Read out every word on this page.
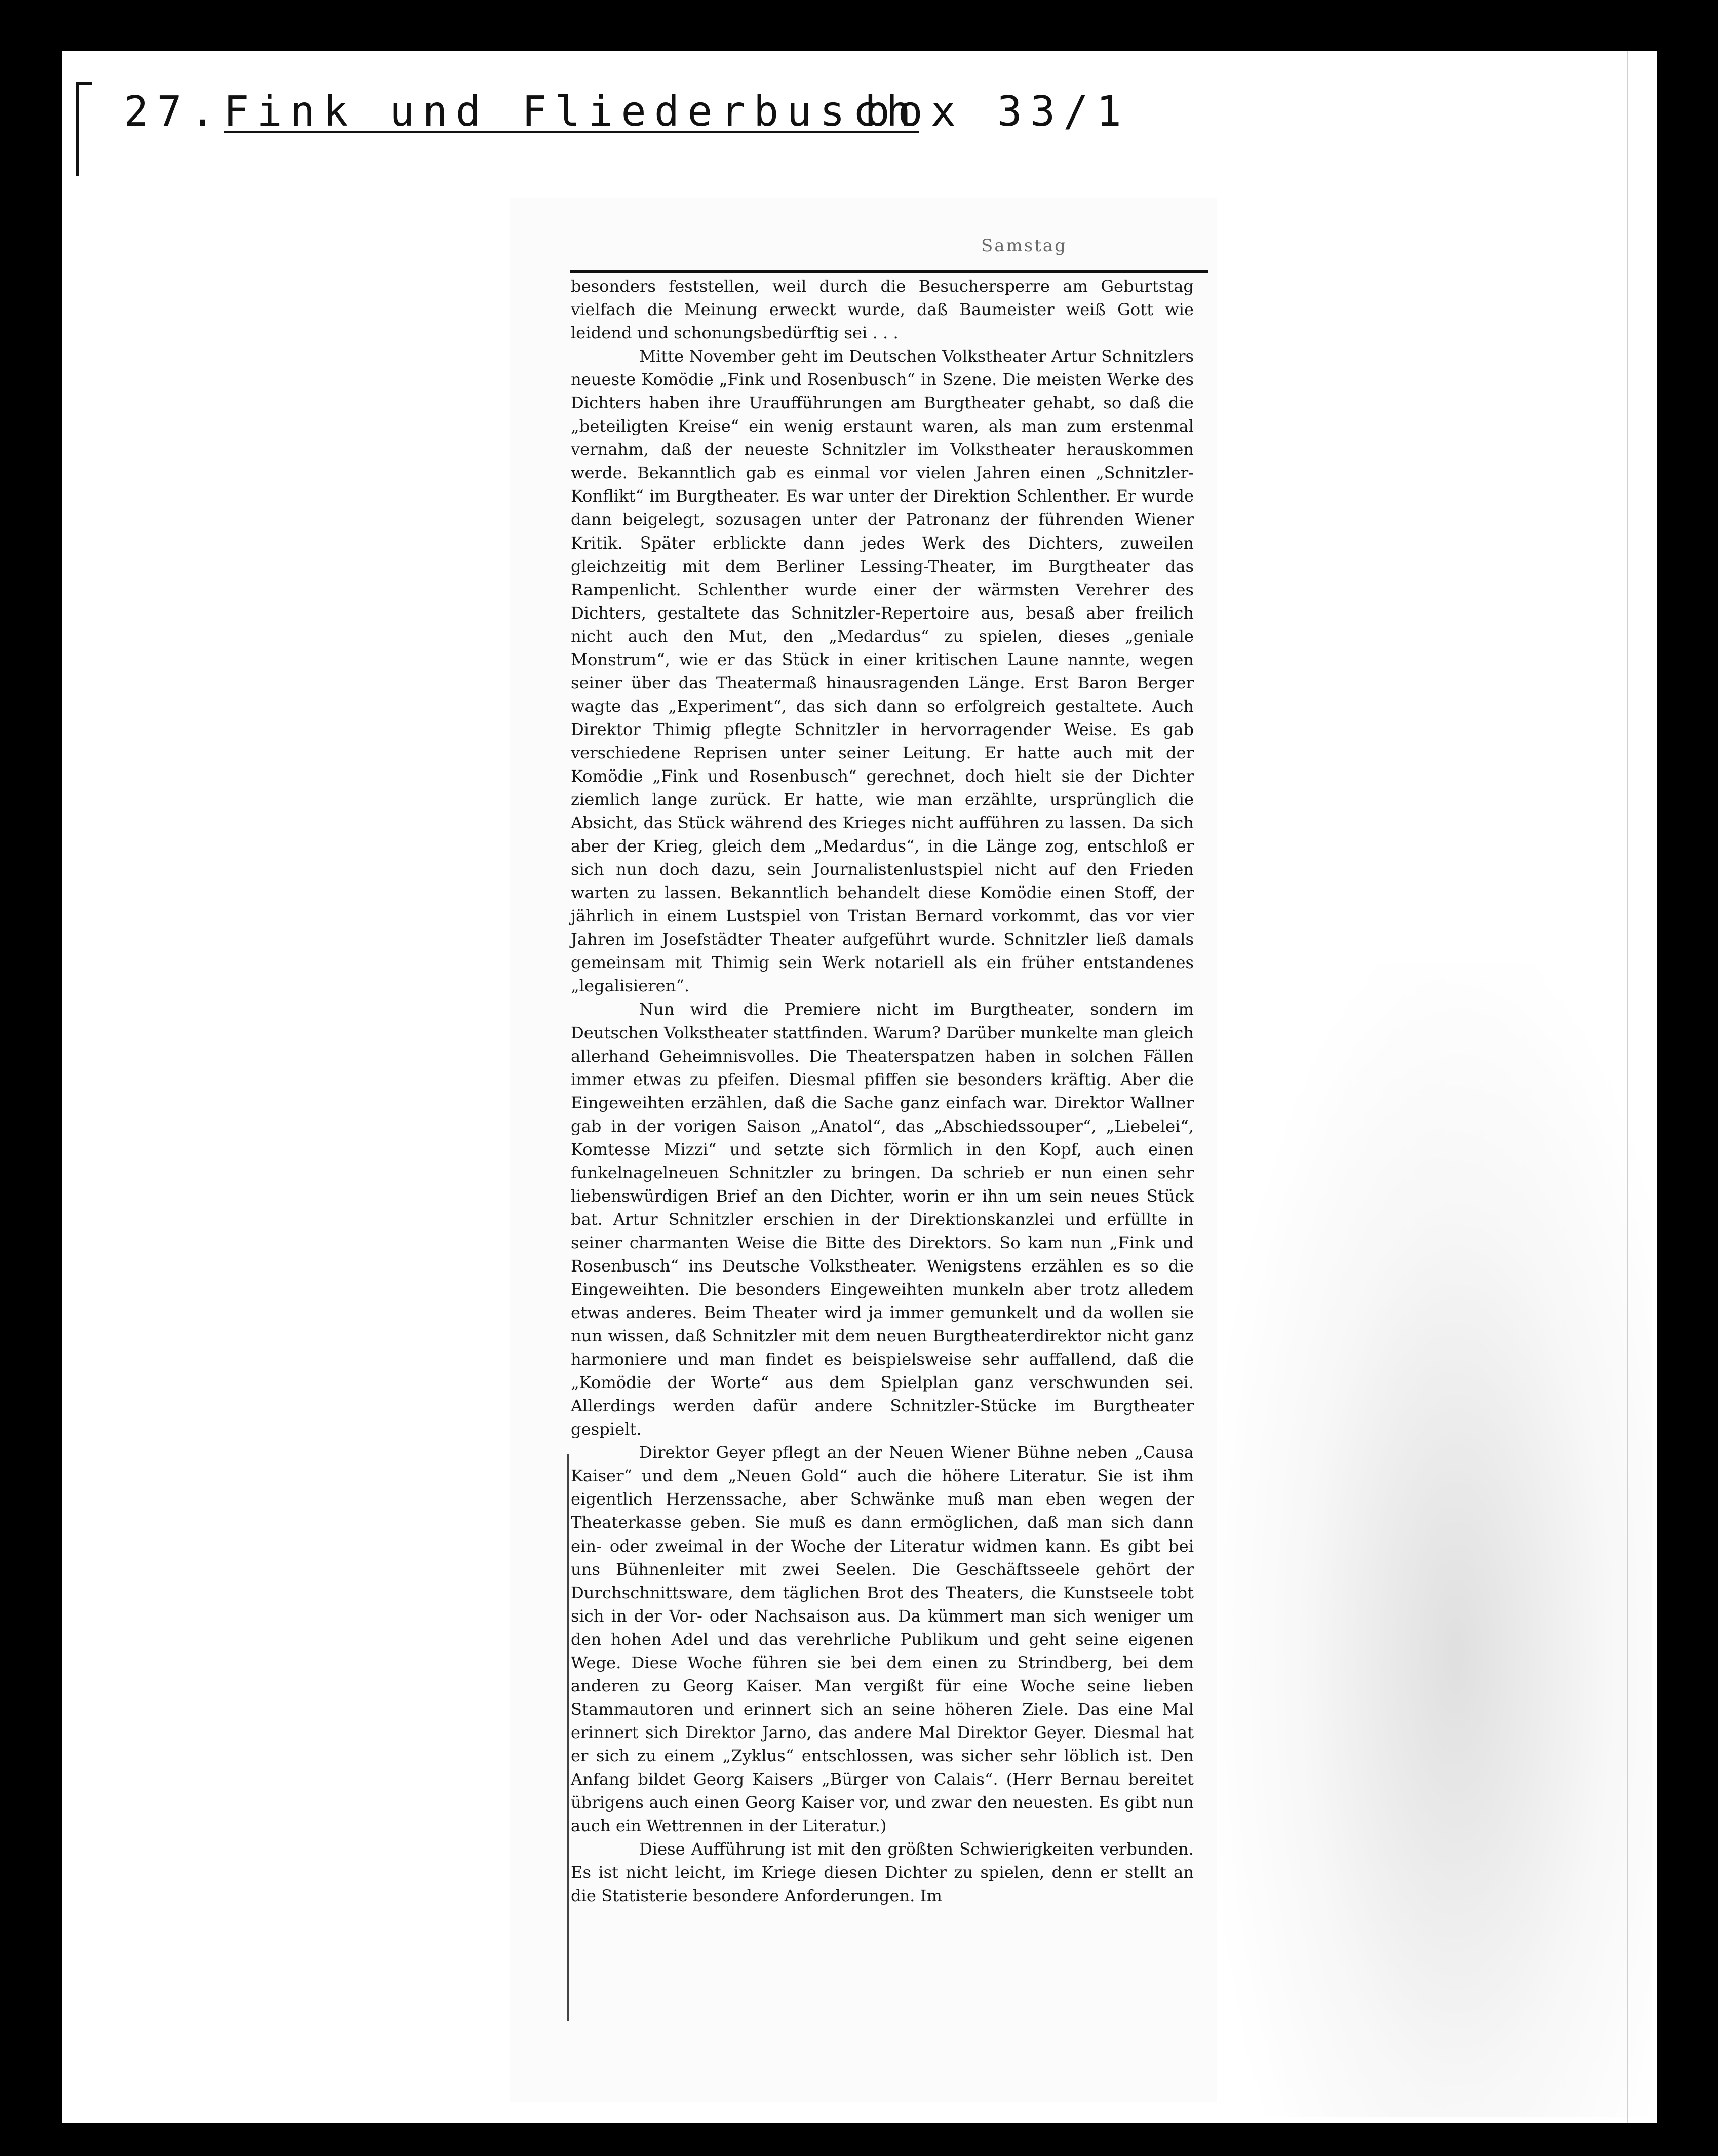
27. Fink und Fliederbusch
box 33/1
Samstag

besonders feststellen, weil durch die Besuchersperre am Geburtstag vielfach die Meinung erweckt wurde, daß Baumeister weiß Gott wie leidend und schonungsbedürftig sei . . .

Mitte November geht im Deutschen Volkstheater Artur Schnitzlers neueste Komödie „Fink und Rosenbusch“ in Szene. Die meisten Werke des Dichters haben ihre Uraufführungen am Burgtheater gehabt, so daß die „beteiligten Kreise“ ein wenig erstaunt waren, als man zum erstenmal vernahm, daß der neueste Schnitzler im Volkstheater herauskommen werde. Bekanntlich gab es einmal vor vielen Jahren einen „Schnitzler-Konflikt“ im Burgtheater. Es war unter der Direktion Schlenther. Er wurde dann beigelegt, sozusagen unter der Patronanz der führenden Wiener Kritik. Später erblickte dann jedes Werk des Dichters, zuweilen gleichzeitig mit dem Berliner Lessing-Theater, im Burgtheater das Rampenlicht. Schlenther wurde einer der wärmsten Verehrer des Dichters, gestaltete das Schnitzler-Repertoire aus, besaß aber freilich nicht auch den Mut, den „Medardus“ zu spielen, dieses „geniale Monstrum“, wie er das Stück in einer kritischen Laune nannte, wegen seiner über das Theatermaß hinausragenden Länge. Erst Baron Berger wagte das „Experiment“, das sich dann so erfolgreich gestaltete. Auch Direktor Thimig pflegte Schnitzler in hervorragender Weise. Es gab verschiedene Reprisen unter seiner Leitung. Er hatte auch mit der Komödie „Fink und Rosenbusch“ gerechnet, doch hielt sie der Dichter ziemlich lange zurück. Er hatte, wie man erzählte, ursprünglich die Absicht, das Stück während des Krieges nicht aufführen zu lassen. Da sich aber der Krieg, gleich dem „Medardus“, in die Länge zog, entschloß er sich nun doch dazu, sein Journalistenlustspiel nicht auf den Frieden warten zu lassen. Bekanntlich behandelt diese Komödie einen Stoff, der jährlich in einem Lustspiel von Tristan Bernard vorkommt, das vor vier Jahren im Josefstädter Theater aufgeführt wurde. Schnitzler ließ damals gemeinsam mit Thimig sein Werk notariell als ein früher entstandenes „legalisieren“.

Nun wird die Premiere nicht im Burgtheater, sondern im Deutschen Volkstheater stattfinden. Warum? Darüber munkelte man gleich allerhand Geheimnisvolles. Die Theaterspatzen haben in solchen Fällen immer etwas zu pfeifen. Diesmal pfiffen sie besonders kräftig. Aber die Eingeweihten erzählen, daß die Sache ganz einfach war. Direktor Wallner gab in der vorigen Saison „Anatol“, das „Abschiedssouper“, „Liebelei“, Komtesse Mizzi“ und setzte sich förmlich in den Kopf, auch einen funkelnagelneuen Schnitzler zu bringen. Da schrieb er nun einen sehr liebenswürdigen Brief an den Dichter, worin er ihn um sein neues Stück bat. Artur Schnitzler erschien in der Direktionskanzlei und erfüllte in seiner charmanten Weise die Bitte des Direktors. So kam nun „Fink und Rosenbusch“ ins Deutsche Volkstheater. Wenigstens erzählen es so die Eingeweihten. Die besonders Eingeweihten munkeln aber trotz alledem etwas anderes. Beim Theater wird ja immer gemunkelt und da wollen sie nun wissen, daß Schnitzler mit dem neuen Burgtheaterdirektor nicht ganz harmoniere und man findet es beispielsweise sehr auffallend, daß die „Komödie der Worte“ aus dem Spielplan ganz verschwunden sei. Allerdings werden dafür andere Schnitzler-Stücke im Burgtheater gespielt.

Direktor Geyer pflegt an der Neuen Wiener Bühne neben „Causa Kaiser“ und dem „Neuen Gold“ auch die höhere Literatur. Sie ist ihm eigentlich Herzenssache, aber Schwänke muß man eben wegen der Theaterkasse geben. Sie muß es dann ermöglichen, daß man sich dann ein- oder zweimal in der Woche der Literatur widmen kann. Es gibt bei uns Bühnenleiter mit zwei Seelen. Die Geschäftsseele gehört der Durchschnittsware, dem täglichen Brot des Theaters, die Kunstseele tobt sich in der Vor- oder Nachsaison aus. Da kümmert man sich weniger um den hohen Adel und das verehrliche Publikum und geht seine eigenen Wege. Diese Woche führen sie bei dem einen zu Strindberg, bei dem anderen zu Georg Kaiser. Man vergißt für eine Woche seine lieben Stammautoren und erinnert sich an seine höheren Ziele. Das eine Mal erinnert sich Direktor Jarno, das andere Mal Direktor Geyer. Diesmal hat er sich zu einem „Zyklus“ entschlossen, was sicher sehr löblich ist. Den Anfang bildet Georg Kaisers „Bürger von Calais“. (Herr Bernau bereitet übrigens auch einen Georg Kaiser vor, und zwar den neuesten. Es gibt nun auch ein Wettrennen in der Literatur.)

Diese Aufführung ist mit den größten Schwierigkeiten verbunden. Es ist nicht leicht, im Kriege diesen Dichter zu spielen, denn er stellt an die Statisterie besondere Anforderungen. Im
